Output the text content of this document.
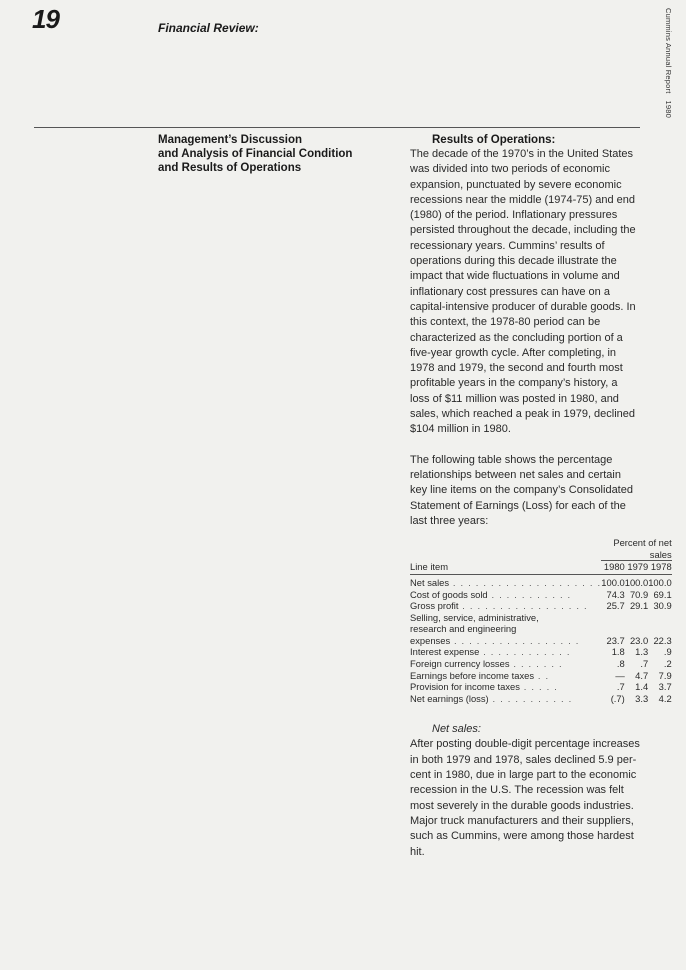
19	Financial Review:	Cummins Annual Report1980
Management’s Discussion
and Analysis of Financial Condition
and Results of Operations
Results of Operations:

The decade of the 1970’s in the United States was divided into two periods of economic expansion, punctuated by severe economic recessions near the middle (1974-75) and end (1980) of the period. Inflationary pressures persisted throughout the decade, including the recessionary years. Cummins’ results of operations during this decade illustrate the impact that wide fluctuations in volume and inflationary cost pressures can have on a capital-intensive producer of durable goods. In this context, the 1978-80 period can be characterized as the concluding portion of a five-year growth cycle. After completing, in 1978 and 1979, the second and fourth most profitable years in the company’s history, a loss of $11 million was posted in 1980, and sales, which reached a peak in 1979, declined $104 million in 1980.

The following table shows the percentage relationships between net sales and certain key line items on the company’s Consolidated Statement of Earnings (Loss) for each of the last three years:

	Percent of net sales		
Line item	1980	1979	1978
Net sales . . . . . . . . . . . . . . . . . . . .	100.0	100.0	100.0
Cost of goods sold . . . . . . . . . . .	74.3	70.9	69.1
Gross profit . . . . . . . . . . . . . . . . .	25.7	29.1	30.9
Selling, service, administrative,			
research and engineering			
expenses . . . . . . . . . . . . . . . . .	23.7	23.0	22.3
Interest expense . . . . . . . . . . . .	1.8	1.3	.9
Foreign currency losses . . . . . . .	.8	.7	.2
Earnings before income taxes . .	—	4.7	7.9
Provision for income taxes . . . . .	.7	1.4	3.7
Net earnings (loss) . . . . . . . . . . .	(.7)	3.3	4.2
Net sales:

After posting double-digit percentage increases in both 1979 and 1978, sales declined 5.9 per-cent in 1980, due in large part to the economic recession in the U.S. The recession was felt most severely in the durable goods industries. Major truck manufacturers and their suppliers, such as Cummins, were among those hardest hit.
